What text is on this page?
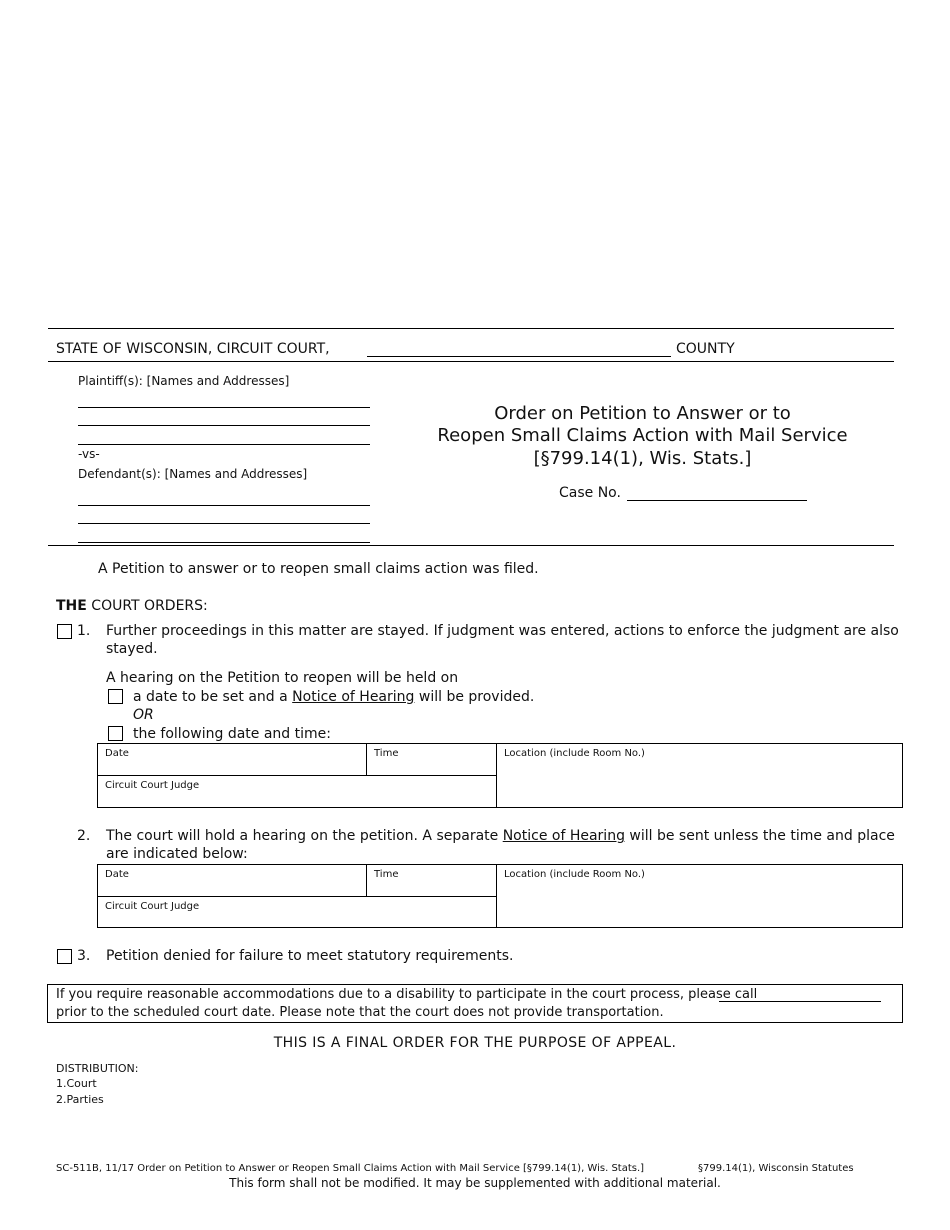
STATE OF WISCONSIN, CIRCUIT COURT,	COUNTY
Plaintiff(s): [Names and Addresses]
-vs-
Defendant(s): [Names and Addresses]
Order on Petition to Answer or to
Reopen Small Claims Action with Mail Service
[§799.14(1), Wis. Stats.]
Case No.
A Petition to answer or to reopen small claims action was filed.
THE COURT ORDERS:
1. Further proceedings in this matter are stayed. If judgment was entered, actions to enforce the judgment are also
stayed.
A hearing on the Petition to reopen will be held on
a date to be set and a Notice of Hearing will be provided.
OR
the following date and time:
Date	Time	Location (include Room No.)
Circuit Court Judge
2. The court will hold a hearing on the petition. A separate Notice of Hearing will be sent unless the time and place
are indicated below:
Date	Time	Location (include Room No.)
Circuit Court Judge
3. Petition denied for failure to meet statutory requirements.
If you require reasonable accommodations due to a disability to participate in the court process, please call
prior to the scheduled court date. Please note that the court does not provide transportation.
THIS IS A FINAL ORDER FOR THE PURPOSE OF APPEAL.
DISTRIBUTION:
1.Court
2.Parties
SC-511B, 11/17 Order on Petition to Answer or Reopen Small Claims Action with Mail Service [§799.14(1), Wis. Stats.]	§799.14(1), Wisconsin Statutes
This form shall not be modified. It may be supplemented with additional material.
